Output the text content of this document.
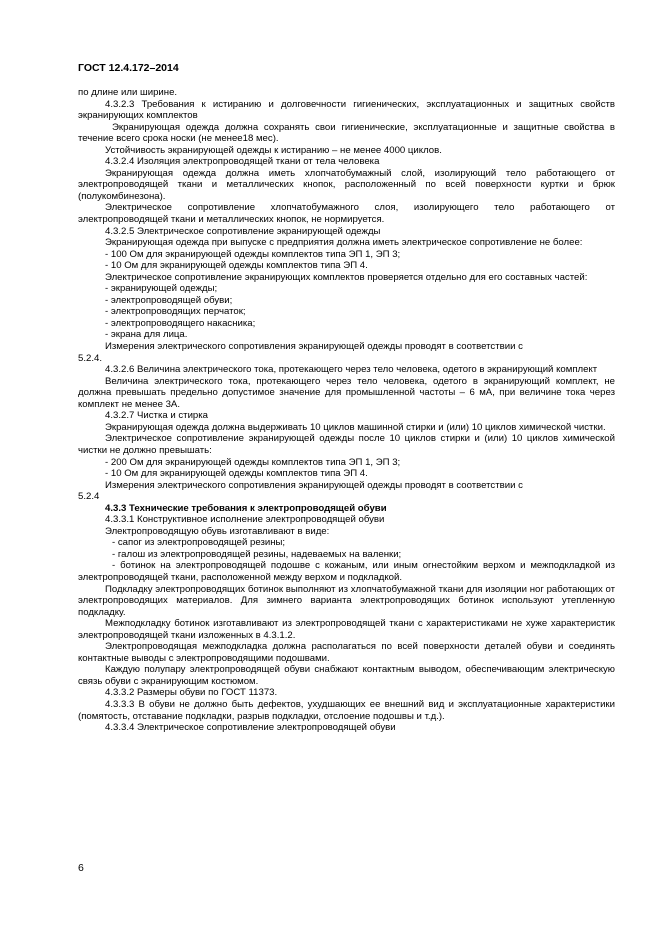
ГОСТ 12.4.172–2014

по длине или ширине.

4.3.2.3 Требования к истиранию и долговечности гигиенических, эксплуатационных и защитных свойств экранирующих комплектов

Экранирующая одежда должна сохранять свои гигиенические, эксплуатационные и защитные свойства в течение всего срока носки (не менее18 мес).

Устойчивость экранирующей одежды к истиранию – не менее 4000 циклов.

4.3.2.4 Изоляция электропроводящей ткани от тела человека

Экранирующая одежда должна иметь хлопчатобумажный слой, изолирующий тело работающего от электропроводящей ткани и металлических кнопок, расположенный по всей поверхности куртки и брюк (полукомбинезона).

Электрическое сопротивление хлопчатобумажного слоя, изолирующего тело работающего от электропроводящей ткани и металлических кнопок, не нормируется.

4.3.2.5 Электрическое сопротивление экранирующей одежды

Экранирующая одежда при выпуске с предприятия должна иметь электрическое сопротивление не более:

- 100 Ом для экранирующей одежды комплектов типа ЭП 1, ЭП 3;

- 10 Ом для экранирующей одежды комплектов типа ЭП 4.

Электрическое сопротивление экранирующих комплектов проверяется отдельно для его составных частей:

- экранирующей одежды;

- электропроводящей обуви;

- электропроводящих перчаток;

- электропроводящего накасника;

- экрана для лица.

Измерения электрического сопротивления экранирующей одежды проводят в соответствии с

5.2.4.

4.3.2.6 Величина электрического тока, протекающего через тело человека, одетого в экранирующий комплект

Величина электрического тока, протекающего через тело человека, одетого в экранирующий комплект, не должна превышать предельно допустимое значение для промышленной частоты – 6 мА, при величине тока через комплект не менее 3А.

4.3.2.7 Чистка и стирка

Экранирующая одежда должна выдерживать 10 циклов машинной стирки и (или) 10 циклов химической чистки.

Электрическое сопротивление экранирующей одежды после 10 циклов стирки и (или) 10 циклов химической чистки не должно превышать:

- 200 Ом для экранирующей одежды комплектов типа ЭП 1, ЭП 3;

- 10 Ом для экранирующей одежды комплектов типа ЭП 4.

Измерения электрического сопротивления экранирующей одежды проводят в соответствии с

5.2.4

4.3.3 Технические требования к электропроводящей обуви

4.3.3.1 Конструктивное исполнение электропроводящей обуви

Электропроводящую обувь изготавливают в виде:

- сапог из электропроводящей резины;

- галош из электропроводящей резины, надеваемых на валенки;

- ботинок на электропроводящей подошве с кожаным, или иным огнестойким верхом и межподкладкой из электропроводящей ткани, расположенной между верхом и подкладкой.

Подкладку электропроводящих ботинок выполняют из хлопчатобумажной ткани для изоляции ног работающих от электропроводящих материалов. Для зимнего варианта электропроводящих ботинок используют утепленную подкладку.

Межподкладку ботинок изготавливают из электропроводящей ткани с характеристиками не хуже характеристик электропроводящей ткани изложенных в 4.3.1.2.

Электропроводящая межподкладка должна располагаться по всей поверхности деталей обуви и соединять контактные выводы с электропроводящими подошвами.

Каждую полупару электропроводящей обуви снабжают контактным выводом, обеспечивающим электрическую связь обуви с экранирующим костюмом.

4.3.3.2 Размеры обуви по ГОСТ 11373.

4.3.3.3 В обуви не должно быть дефектов, ухудшающих ее внешний вид и эксплуатационные характеристики (помятость, отставание подкладки, разрыв подкладки, отслоение подошвы и т.д.).

4.3.3.4 Электрическое сопротивление электропроводящей обуви

6
